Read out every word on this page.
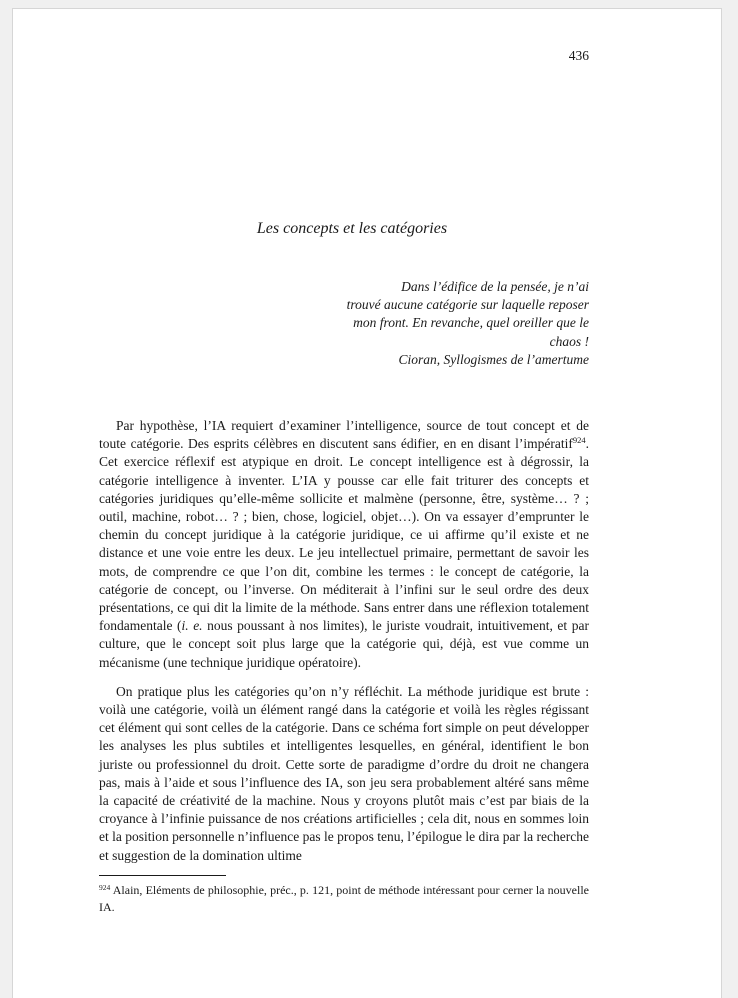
436
Les concepts et les catégories
Dans l’édifice de la pensée, je n’ai
trouvé aucune catégorie sur laquelle reposer
mon front. En revanche, quel oreiller que le
chaos !
Cioran, Syllogismes de l’amertume

Par hypothèse, l’IA requiert d’examiner l’intelligence, source de tout concept et de toute catégorie. Des esprits célèbres en discutent sans édifier, en en disant l’impératif$^{924}$. Cet exercice réflexif est atypique en droit. Le concept intelligence est à dégrossir, la catégorie intelligence à inventer. L’IA y pousse car elle fait triturer des concepts et catégories juridiques qu’elle-même sollicite et malmène (personne, être, système… ? ; outil, machine, robot… ? ; bien, chose, logiciel, objet…). On va essayer d’emprunter le chemin du concept juridique à la catégorie juridique, ce ui affirme qu’il existe et ne distance et une voie entre les deux. Le jeu intellectuel primaire, permettant de savoir les mots, de comprendre ce que l’on dit, combine les termes : le concept de catégorie, la catégorie de concept, ou l’inverse. On méditerait à l’infini sur le seul ordre des deux présentations, ce qui dit la limite de la méthode. Sans entrer dans une réflexion totalement fondamentale (i. e. nous poussant à nos limites), le juriste voudrait, intuitivement, et par culture, que le concept soit plus large que la catégorie qui, déjà, est vue comme un mécanisme (une technique juridique opératoire).

On pratique plus les catégories qu’on n’y réfléchit. La méthode juridique est brute : voilà une catégorie, voilà un élément rangé dans la catégorie et voilà les règles régissant cet élément qui sont celles de la catégorie. Dans ce schéma fort simple on peut développer les analyses les plus subtiles et intelligentes lesquelles, en général, identifient le bon juriste ou professionnel du droit. Cette sorte de paradigme d’ordre du droit ne changera pas, mais à l’aide et sous l’influence des IA, son jeu sera probablement altéré sans même la capacité de créativité de la machine. Nous y croyons plutôt mais c’est par biais de la croyance à l’infinie puissance de nos créations artificielles ; cela dit, nous en sommes loin et la position personnelle n’influence pas le propos tenu, l’épilogue le dira par la recherche et suggestion de la domination ultime

$^{924}$ Alain, Eléments de philosophie, préc., p. 121, point de méthode intéressant pour cerner la nouvelle IA.
